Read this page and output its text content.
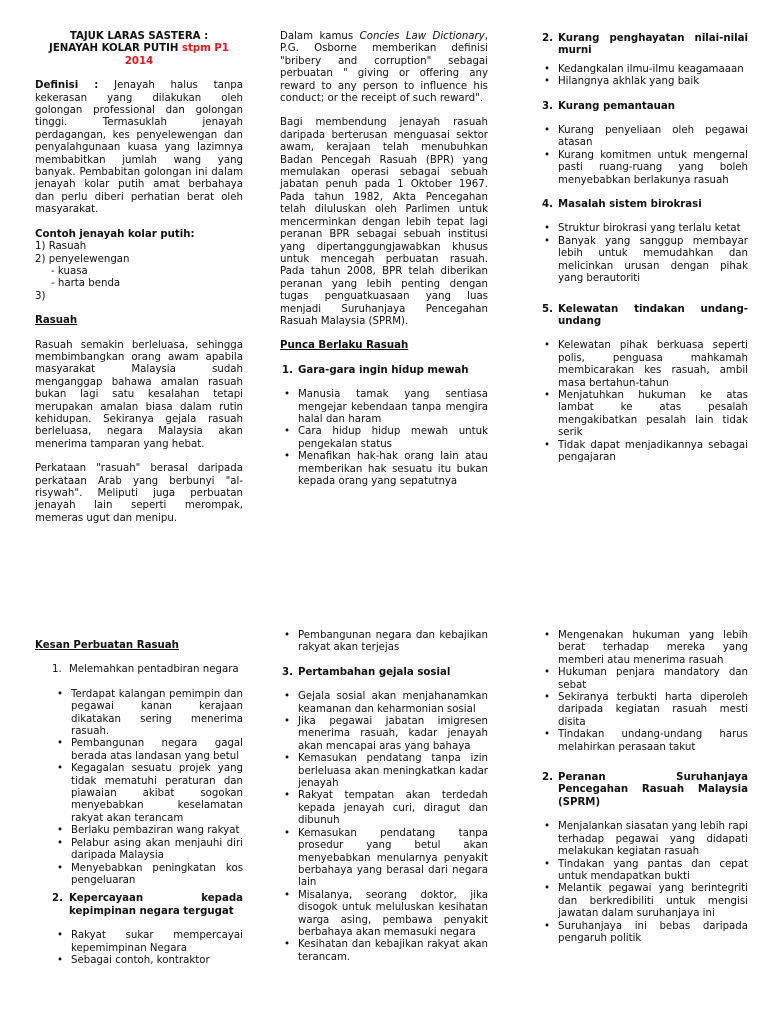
TAJUK LARAS SASTERA :

JENAYAH KOLAR PUTIH stpm P1

2014

Definisi : Jenayah halus tanpa kekerasan yang dilakukan oleh golongan professional dan golongan tinggi. Termasuklah jenayah perdagangan, kes penyelewengan dan penyalahgunaan kuasa yang lazimnya membabitkan jumlah wang yang banyak. Pembabitan golongan ini dalam jenayah kolar putih amat berbahaya dan perlu diberi perhatian berat oleh masyarakat.

Contoh jenayah kolar putih:

1) Rasuah

2) penyelewengan

- kuasa

- harta benda

3)

Rasuah

Rasuah semakin berleluasa, sehingga membimbangkan orang awam apabila masyarakat Malaysia sudah menganggap bahawa amalan rasuah bukan lagi satu kesalahan tetapi merupakan amalan biasa dalam rutin kehidupan. Sekiranya gejala rasuah berleluasa, negara Malaysia akan menerima tamparan yang hebat.

Perkataan "rasuah" berasal daripada perkataan Arab yang berbunyi "al-risywah". Meliputi juga perbuatan jenayah lain seperti merompak, memeras ugut dan menipu.

Dalam kamus Concies Law Dictionary, P.G. Osborne memberikan definisi "bribery and corruption" sebagai perbuatan " giving or offering any reward to any person to influence his conduct; or the receipt of such reward".

Bagi membendung jenayah rasuah daripada berterusan menguasai sektor awam, kerajaan telah menubuhkan Badan Pencegah Rasuah (BPR) yang memulakan operasi sebagai sebuah jabatan penuh pada 1 Oktober 1967. Pada tahun 1982, Akta Pencegahan telah diluluskan oleh Parlimen untuk mencerminkan dengan lebih tepat lagi peranan BPR sebagai sebuah institusi yang dipertanggungjawabkan khusus untuk mencegah perbuatan rasuah. Pada tahun 2008, BPR telah diberikan peranan yang lebih penting dengan tugas penguatkuasaan yang luas menjadi Suruhanjaya Pencegahan Rasuah Malaysia (SPRM).

Punca Berlaku Rasuah

1. Gara-gara ingin hidup mewah

• Manusia tamak yang sentiasa mengejar kebendaan tanpa mengira halal dan haram
• Cara hidup hidup mewah untuk pengekalan status
• Menafikan hak-hak orang lain atau memberikan hak sesuatu itu bukan kepada orang yang sepatutnya

2. Kurang penghayatan nilai-nilai murni

• Kedangkalan ilmu-ilmu keagamaaan
• Hilangnya akhlak yang baik

3. Kurang pemantauan

• Kurang penyeliaan oleh pegawai atasan
• Kurang komitmen untuk mengernal pasti ruang-ruang yang boleh menyebabkan berlakunya rasuah

4. Masalah sistem birokrasi

• Struktur birokrasi yang terlalu ketat
• Banyak yang sanggup membayar lebih untuk memudahkan dan melicinkan urusan dengan pihak yang berautoriti

5. Kelewatan tindakan undang-undang

• Kelewatan pihak berkuasa seperti polis, penguasa mahkamah membicarakan kes rasuah, ambil masa bertahun-tahun
• Menjatuhkan hukuman ke atas lambat ke atas pesalah mengakibatkan pesalah lain tidak serik
• Tidak dapat menjadikannya sebagai pengajaran

Kesan Perbuatan Rasuah

1. Melemahkan pentadbiran negara

• Terdapat kalangan pemimpin dan pegawai kanan kerajaan dikatakan sering menerima rasuah.
• Pembangunan negara gagal berada atas landasan yang betul
• Kegagalan sesuatu projek yang tidak mematuhi peraturan dan piawaian akibat sogokan menyebabkan keselamatan rakyat akan terancam
• Berlaku pembaziran wang rakyat
• Pelabur asing akan menjauhi diri daripada Malaysia
• Menyebabkan peningkatan kos pengeluaran

2. Kepercayaan kepada kepimpinan negara tergugat

• Rakyat sukar mempercayai kepemimpinan Negara
• Sebagai contoh, kontraktor
• Pembangunan negara dan kebajikan rakyat akan terjejas

3. Pertambahan gejala sosial

• Gejala sosial akan menjahanamkan keamanan dan keharmonian sosial
• Jika pegawai jabatan imigresen menerima rasuah, kadar jenayah akan mencapai aras yang bahaya
• Kemasukan pendatang tanpa izin berleluasa akan meningkatkan kadar jenayah
• Rakyat tempatan akan terdedah kepada jenayah curi, diragut dan dibunuh
• Kemasukan pendatang tanpa prosedur yang betul akan menyebabkan menularnya penyakit berbahaya yang berasal dari negara lain
• Misalanya, seorang doktor, jika disogok untuk meluluskan kesihatan warga asing, pembawa penyakit berbahaya akan memasuki negara
• Kesihatan dan kebajikan rakyat akan terancam.
• Mengenakan hukuman yang lebih berat terhadap mereka yang memberi atau menerima rasuah
• Hukuman penjara mandatory dan sebat
• Sekiranya terbukti harta diperoleh daripada kegiatan rasuah mesti disita
• Tindakan undang-undang harus melahirkan perasaan takut

2. Peranan Suruhanjaya Pencegahan Rasuah Malaysia (SPRM)

• Menjalankan siasatan yang lebih rapi terhadap pegawai yang didapati melakukan kegiatan rasuah
• Tindakan yang pantas dan cepat untuk mendapatkan bukti
• Melantik pegawai yang berintegriti dan berkredibiliti untuk mengisi jawatan dalam suruhanjaya ini
• Suruhanjaya ini bebas daripada pengaruh politik
